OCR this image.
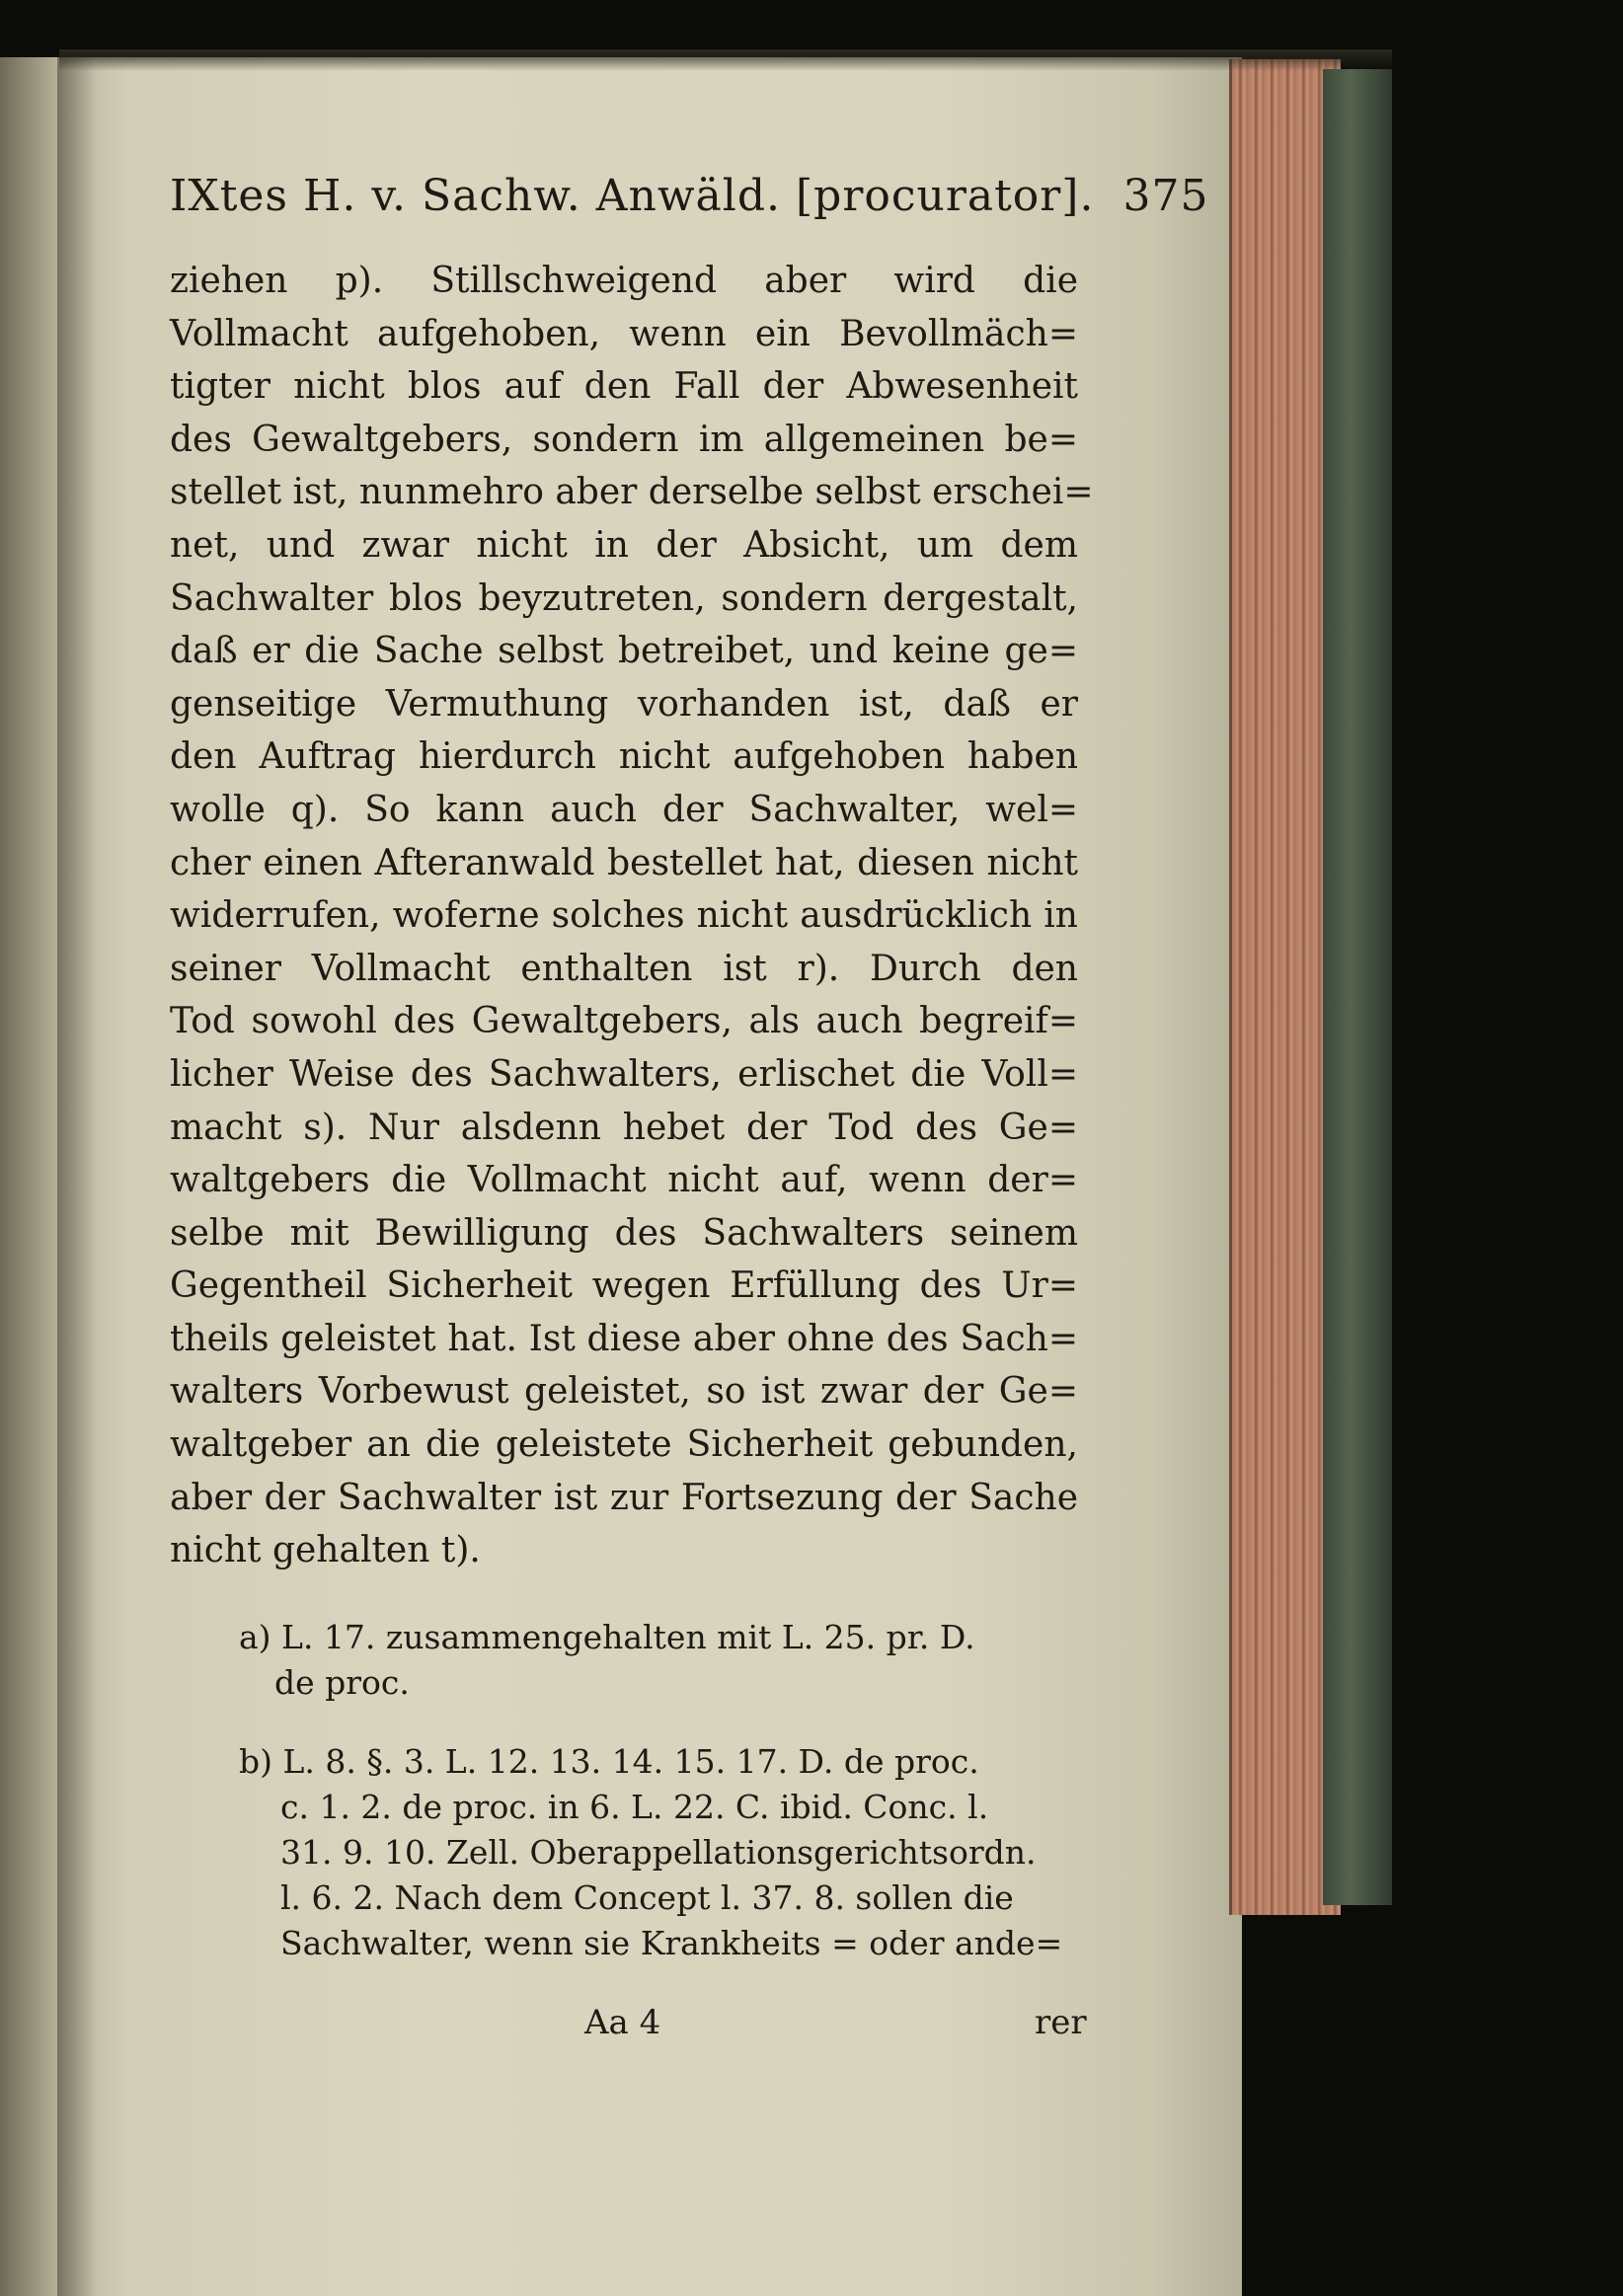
IXtes H. v. Sachw. Anwäld. [procurator]. 375
ziehen p). Stillschweigend aber wird die
Vollmacht aufgehoben, wenn ein Bevollmäch=
tigter nicht blos auf den Fall der Abwesenheit
des Gewaltgebers, sondern im allgemeinen be=
stellet ist, nunmehro aber derselbe selbst erschei=
net, und zwar nicht in der Absicht, um dem
Sachwalter blos beyzutreten, sondern dergestalt,
daß er die Sache selbst betreibet, und keine ge=
genseitige Vermuthung vorhanden ist, daß er
den Auftrag hierdurch nicht aufgehoben haben
wolle q). So kann auch der Sachwalter, wel=
cher einen Afteranwald bestellet hat, diesen nicht
widerrufen, woferne solches nicht ausdrücklich in
seiner Vollmacht enthalten ist r). Durch den
Tod sowohl des Gewaltgebers, als auch begreif=
licher Weise des Sachwalters, erlischet die Voll=
macht s). Nur alsdenn hebet der Tod des Ge=
waltgebers die Vollmacht nicht auf, wenn der=
selbe mit Bewilligung des Sachwalters seinem
Gegentheil Sicherheit wegen Erfüllung des Ur=
theils geleistet hat. Ist diese aber ohne des Sach=
walters Vorbewust geleistet, so ist zwar der Ge=
waltgeber an die geleistete Sicherheit gebunden,
aber der Sachwalter ist zur Fortsezung der Sache
nicht gehalten t).
a) L. 17. zusammengehalten mit L. 25. pr. D.
de proc.
b) L. 8. §. 3. L. 12. 13. 14. 15. 17. D. de proc.
c. 1. 2. de proc. in 6. L. 22. C. ibid. Conc. l.
31. 9. 10. Zell. Oberappellationsgerichtsordn.
l. 6. 2. Nach dem Concept l. 37. 8. sollen die
Sachwalter, wenn sie Krankheits = oder ande=
Aa 4	rer
